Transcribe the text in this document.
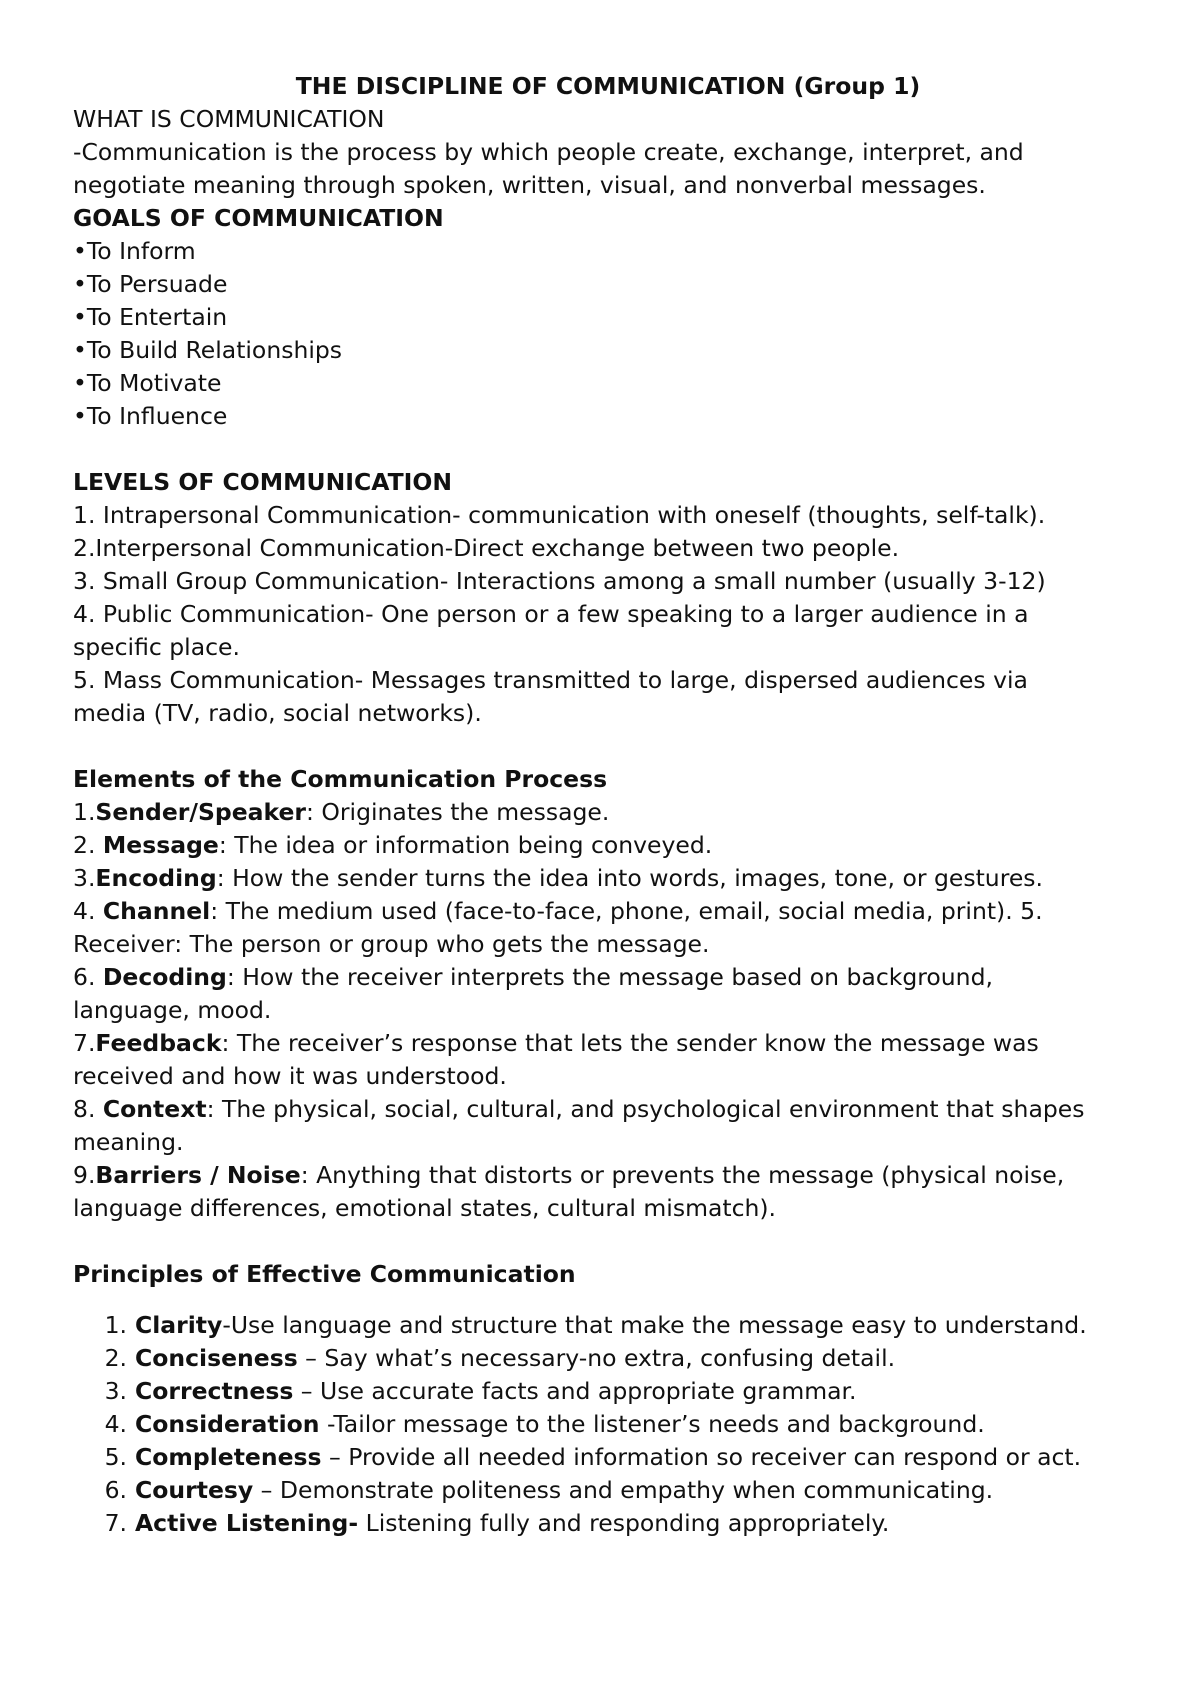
THE DISCIPLINE OF COMMUNICATION (Group 1)

WHAT IS COMMUNICATION

-Communication is the process by which people create, exchange, interpret, and

negotiate meaning through spoken, written, visual, and nonverbal messages.

GOALS OF COMMUNICATION

•To Inform

•To Persuade

•To Entertain

•To Build Relationships

•To Motivate

•To Influence

LEVELS OF COMMUNICATION

1. Intrapersonal Communication- communication with oneself (thoughts, self-talk).

2.Interpersonal Communication-Direct exchange between two people.

3. Small Group Communication- Interactions among a small number (usually 3-12)

4. Public Communication- One person or a few speaking to a larger audience in a

specific place.

5. Mass Communication- Messages transmitted to large, dispersed audiences via

media (TV, radio, social networks).

Elements of the Communication Process

1.Sender/Speaker: Originates the message.

2. Message: The idea or information being conveyed.

3.Encoding: How the sender turns the idea into words, images, tone, or gestures.

4. Channel: The medium used (face-to-face, phone, email, social media, print). 5.

Receiver: The person or group who gets the message.

6. Decoding: How the receiver interprets the message based on background,

language, mood.

7.Feedback: The receiver’s response that lets the sender know the message was

received and how it was understood.

8. Context: The physical, social, cultural, and psychological environment that shapes

meaning.

9.Barriers / Noise: Anything that distorts or prevents the message (physical noise,

language differences, emotional states, cultural mismatch).

Principles of Effective Communication

1. Clarity-Use language and structure that make the message easy to understand.
2. Conciseness – Say what’s necessary-no extra, confusing detail.
3. Correctness – Use accurate facts and appropriate grammar.
4. Consideration -Tailor message to the listener’s needs and background.
5. Completeness – Provide all needed information so receiver can respond or act.
6. Courtesy – Demonstrate politeness and empathy when communicating.
7. Active Listening- Listening fully and responding appropriately.
